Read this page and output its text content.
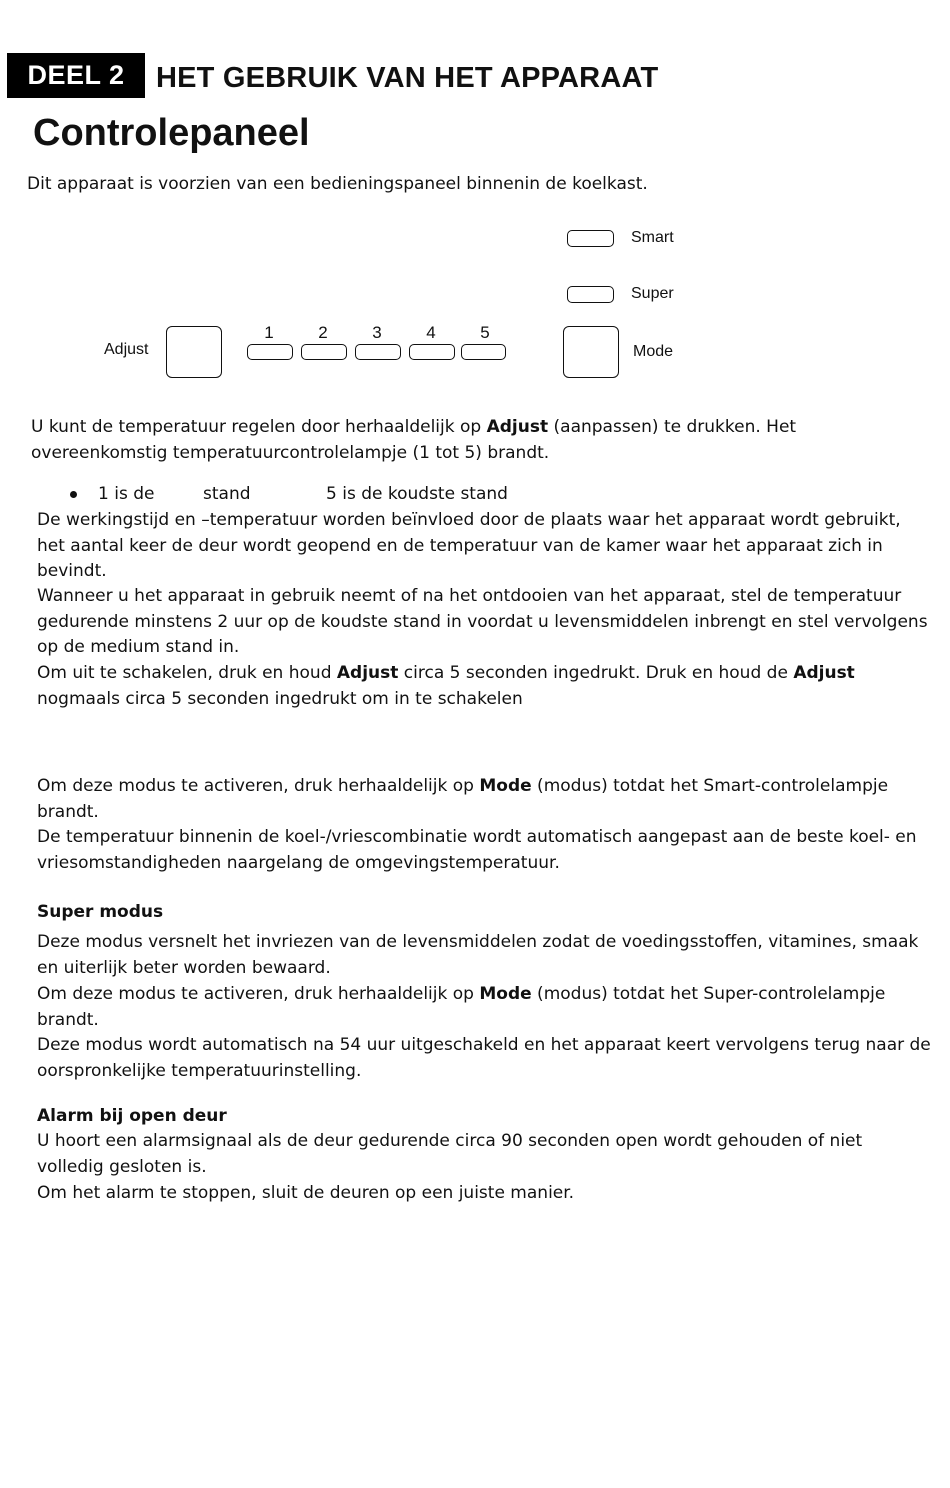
DEEL 2	HET GEBRUIK VAN HET APPARAAT
Controlepaneel

Dit apparaat is voorzien van een bedieningspaneel binnenin de koelkast.

Smart
Super
Adjust
1	2	3	4	5
Mode

U kunt de temperatuur regelen door herhaaldelijk op Adjust (aanpassen) te drukken. Het

overeenkomstig temperatuurcontrolelampje (1 tot 5) brandt.

1 is de	stand	5 is de koudste stand

De werkingstijd en –temperatuur worden beïnvloed door de plaats waar het apparaat wordt gebruikt, het aantal keer de deur wordt geopend en de temperatuur van de kamer waar het apparaat zich in bevindt.

Wanneer u het apparaat in gebruik neemt of na het ontdooien van het apparaat, stel de temperatuur gedurende minstens 2 uur op de koudste stand in voordat u levensmiddelen inbrengt en stel vervolgens op de medium stand in.

Om uit te schakelen, druk en houd Adjust circa 5 seconden ingedrukt. Druk en houd de Adjust nogmaals circa 5 seconden ingedrukt om in te schakelen

Om deze modus te activeren, druk herhaaldelijk op Mode (modus) totdat het Smart-controlelampje brandt.

De temperatuur binnenin de koel-/vriescombinatie wordt automatisch aangepast aan de beste koel- en vriesomstandigheden naargelang de omgevingstemperatuur.

Super modus

Deze modus versnelt het invriezen van de levensmiddelen zodat de voedingsstoffen, vitamines, smaak en uiterlijk beter worden bewaard.

Om deze modus te activeren, druk herhaaldelijk op Mode (modus) totdat het Super-controlelampje brandt.

Deze modus wordt automatisch na 54 uur uitgeschakeld en het apparaat keert vervolgens terug naar de oorspronkelijke temperatuurinstelling.

Alarm bij open deur

U hoort een alarmsignaal als de deur gedurende circa 90 seconden open wordt gehouden of niet volledig gesloten is.

Om het alarm te stoppen, sluit de deuren op een juiste manier.
